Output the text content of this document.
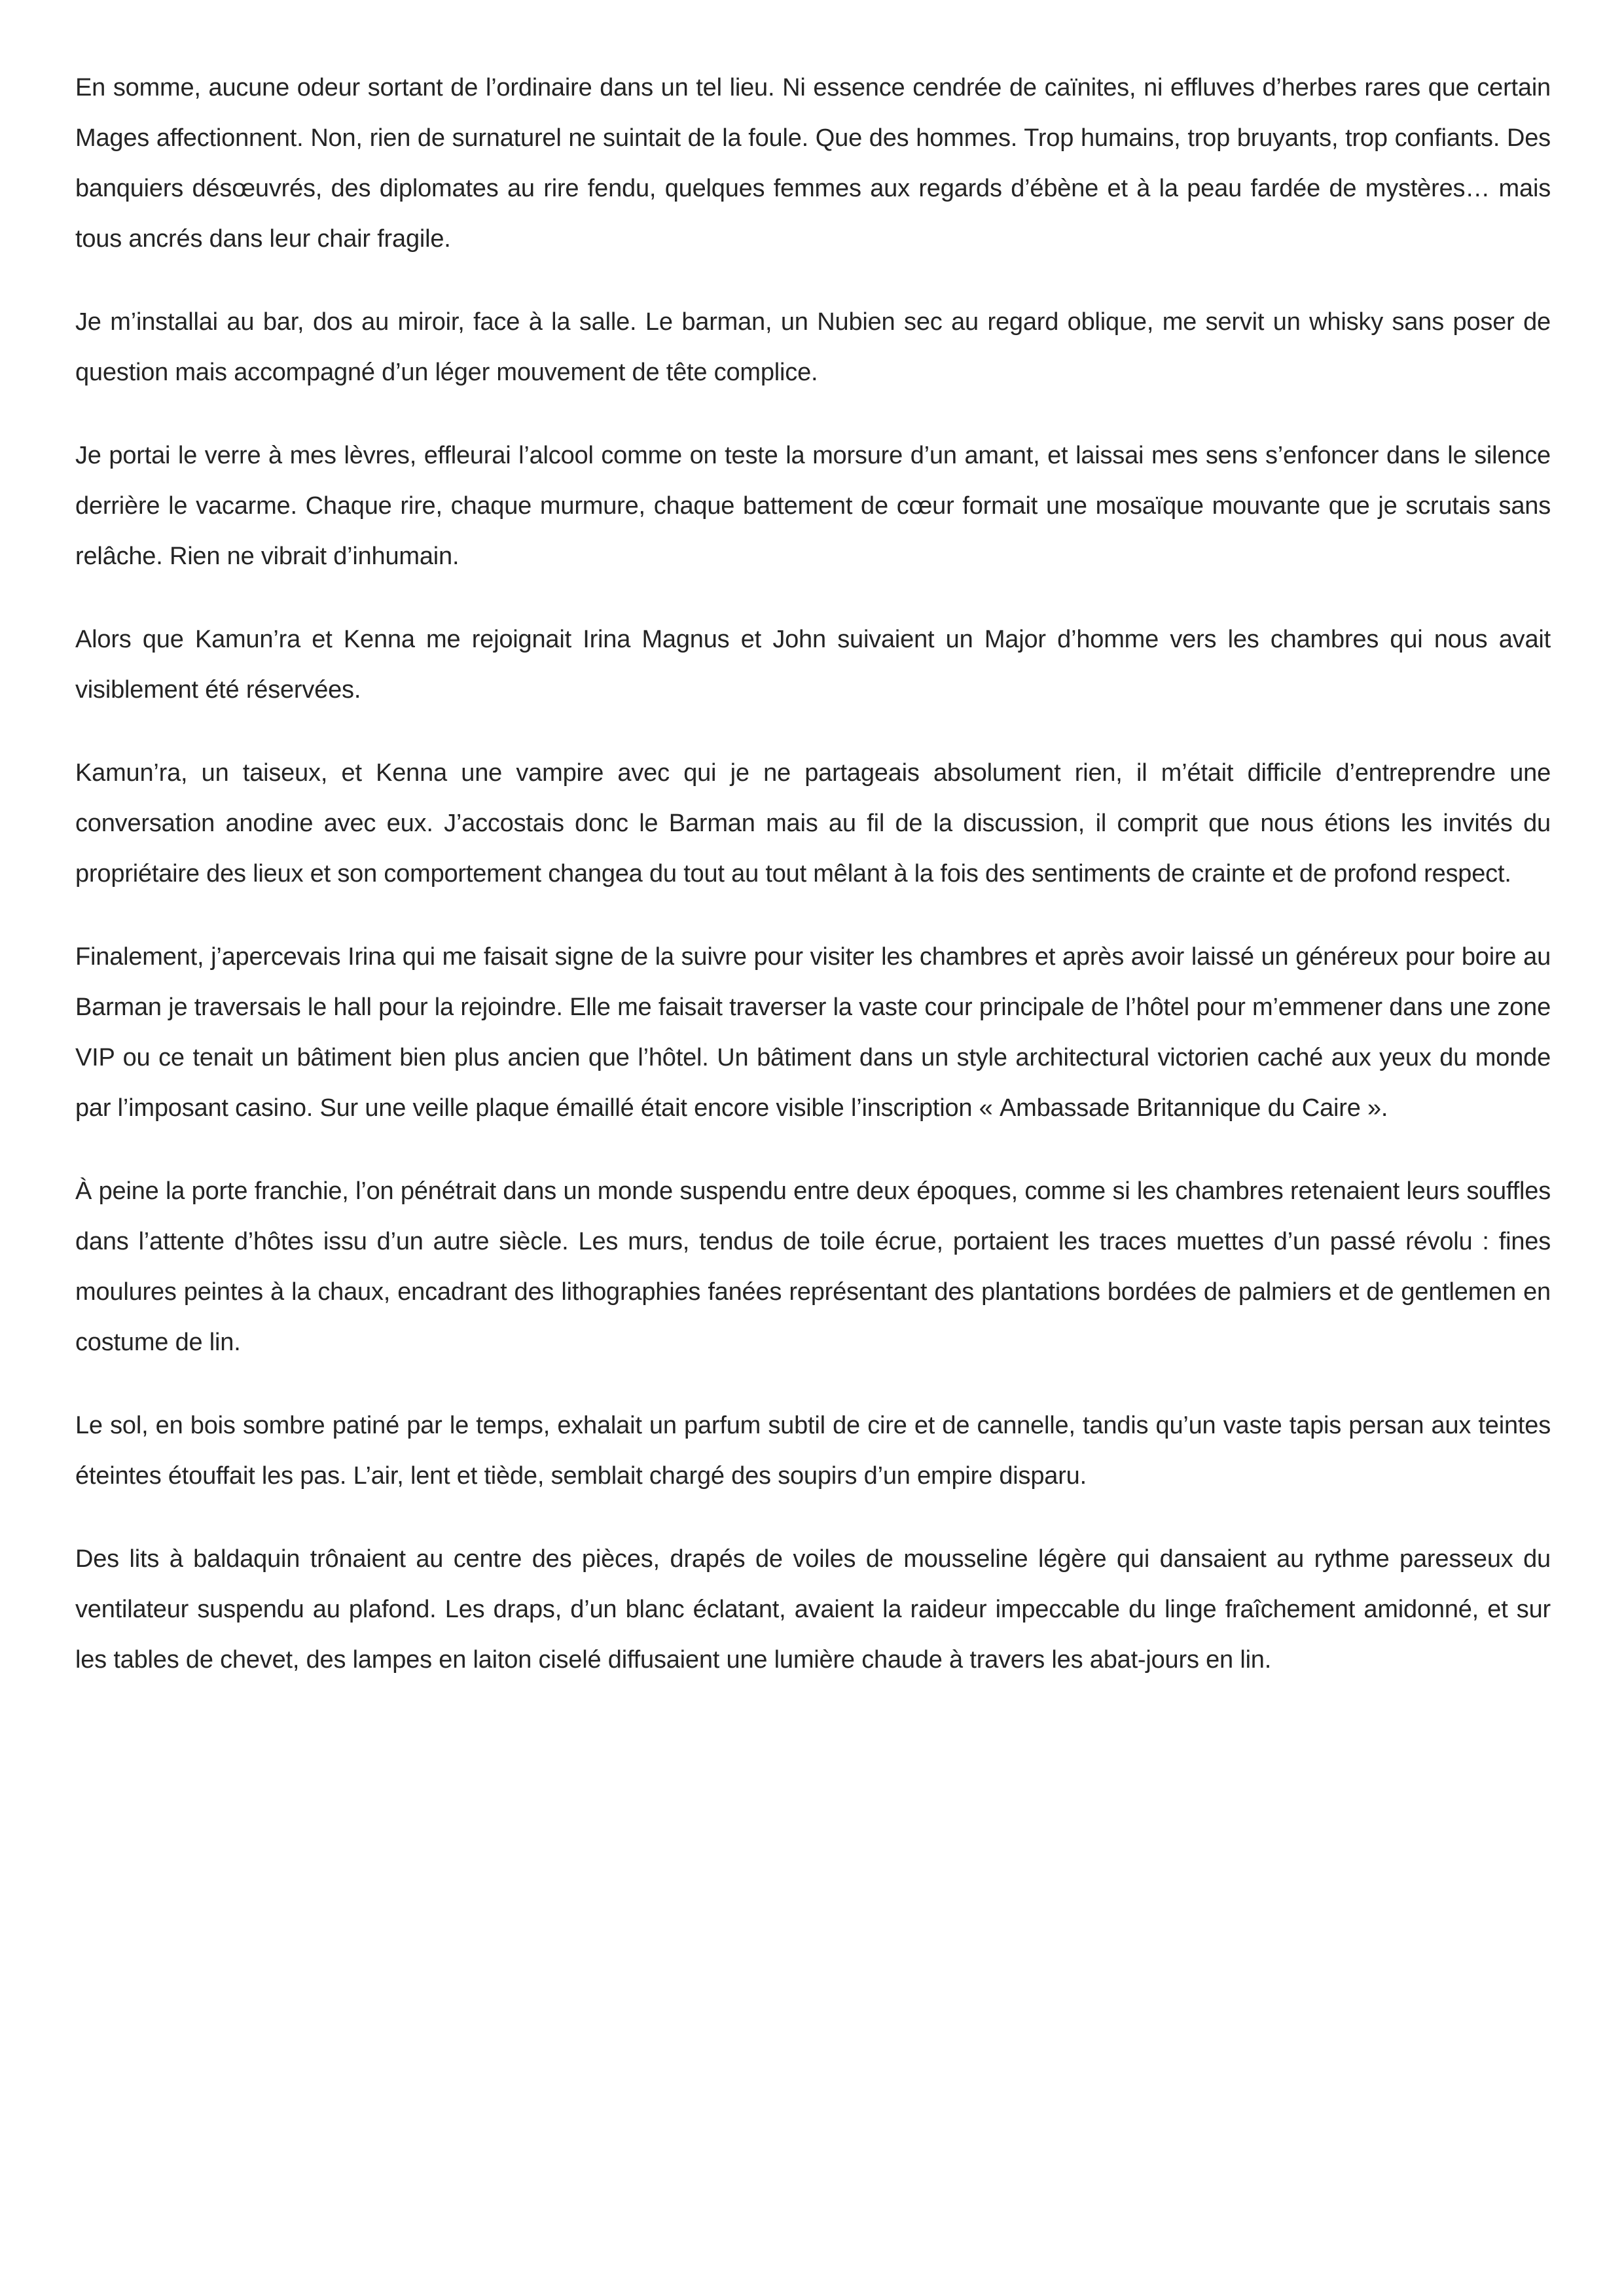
En somme, aucune odeur sortant de l’ordinaire dans un tel lieu. Ni essence cendrée de caïnites, ni effluves d’herbes rares que certain Mages affectionnent. Non, rien de surnaturel ne suintait de la foule. Que des hommes. Trop humains, trop bruyants, trop confiants. Des banquiers désœuvrés, des diplomates au rire fendu, quelques femmes aux regards d’ébène et à la peau fardée de mystères… mais tous ancrés dans leur chair fragile.

Je m’installai au bar, dos au miroir, face à la salle. Le barman, un Nubien sec au regard oblique, me servit un whisky sans poser de question mais accompagné d’un léger mouvement de tête complice.

Je portai le verre à mes lèvres, effleurai l’alcool comme on teste la morsure d’un amant, et laissai mes sens s’enfoncer dans le silence derrière le vacarme. Chaque rire, chaque murmure, chaque battement de cœur formait une mosaïque mouvante que je scrutais sans relâche. Rien ne vibrait d’inhumain.

Alors que Kamun’ra et Kenna me rejoignait Irina Magnus et John suivaient un Major d’homme vers les chambres qui nous avait visiblement été réservées.

Kamun’ra, un taiseux, et Kenna une vampire avec qui je ne partageais absolument rien, il m’était difficile d’entreprendre une conversation anodine avec eux. J’accostais donc le Barman mais au fil de la discussion, il comprit que nous étions les invités du propriétaire des lieux et son comportement changea du tout au tout mêlant à la fois des sentiments de crainte et de profond respect.

Finalement, j’apercevais Irina qui me faisait signe de la suivre pour visiter les chambres et après avoir laissé un généreux pour boire au Barman je traversais le hall pour la rejoindre. Elle me faisait traverser la vaste cour principale de l’hôtel pour m’emmener dans une zone VIP ou ce tenait un bâtiment bien plus ancien que l’hôtel. Un bâtiment dans un style architectural victorien caché aux yeux du monde par l’imposant casino. Sur une veille plaque émaillé était encore visible l’inscription « Ambassade Britannique du Caire ».

À peine la porte franchie, l’on pénétrait dans un monde suspendu entre deux époques, comme si les chambres retenaient leurs souffles dans l’attente d’hôtes issu d’un autre siècle. Les murs, tendus de toile écrue, portaient les traces muettes d’un passé révolu : fines moulures peintes à la chaux, encadrant des lithographies fanées représentant des plantations bordées de palmiers et de gentlemen en costume de lin.

Le sol, en bois sombre patiné par le temps, exhalait un parfum subtil de cire et de cannelle, tandis qu’un vaste tapis persan aux teintes éteintes étouffait les pas. L’air, lent et tiède, semblait chargé des soupirs d’un empire disparu.

Des lits à baldaquin trônaient au centre des pièces, drapés de voiles de mousseline légère qui dansaient au rythme paresseux du ventilateur suspendu au plafond. Les draps, d’un blanc éclatant, avaient la raideur impeccable du linge fraîchement amidonné, et sur les tables de chevet, des lampes en laiton ciselé diffusaient une lumière chaude à travers les abat-jours en lin.
